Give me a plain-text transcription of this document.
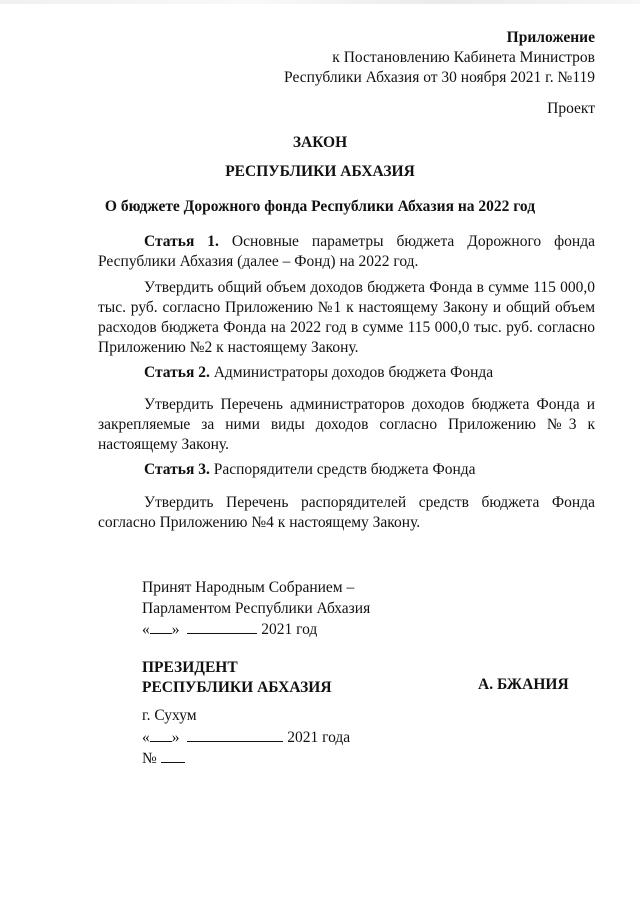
Приложение
к Постановлению Кабинета Министров
Республики Абхазия от 30 ноября 2021 г. №119
Проект
ЗАКОН
РЕСПУБЛИКИ АБХАЗИЯ
О бюджете Дорожного фонда Республики Абхазия на 2022 год
Статья 1. Основные параметры бюджета Дорожного фонда Республики Абхазия (далее – Фонд) на 2022 год.
Утвердить общий объем доходов бюджета Фонда в сумме 115 000,0 тыс. руб. согласно Приложению №1 к настоящему Закону и общий объем расходов бюджета Фонда на 2022 год в сумме 115 000,0 тыс. руб. согласно Приложению №2 к настоящему Закону.
Статья 2. Администраторы доходов бюджета Фонда
Утвердить Перечень администраторов доходов бюджета Фонда и закрепляемые за ними виды доходов согласно Приложению №3 к настоящему Закону.
Статья 3. Распорядители средств бюджета Фонда
Утвердить Перечень распорядителей средств бюджета Фонда согласно Приложению №4 к настоящему Закону.
Принят Народным Собранием –
Парламентом Республики Абхазия
« »	2021 год
ПРЕЗИДЕНТ
РЕСПУБЛИКИ АБХАЗИЯ	А. БЖАНИЯ
г. Сухум
« »	2021 года
№
